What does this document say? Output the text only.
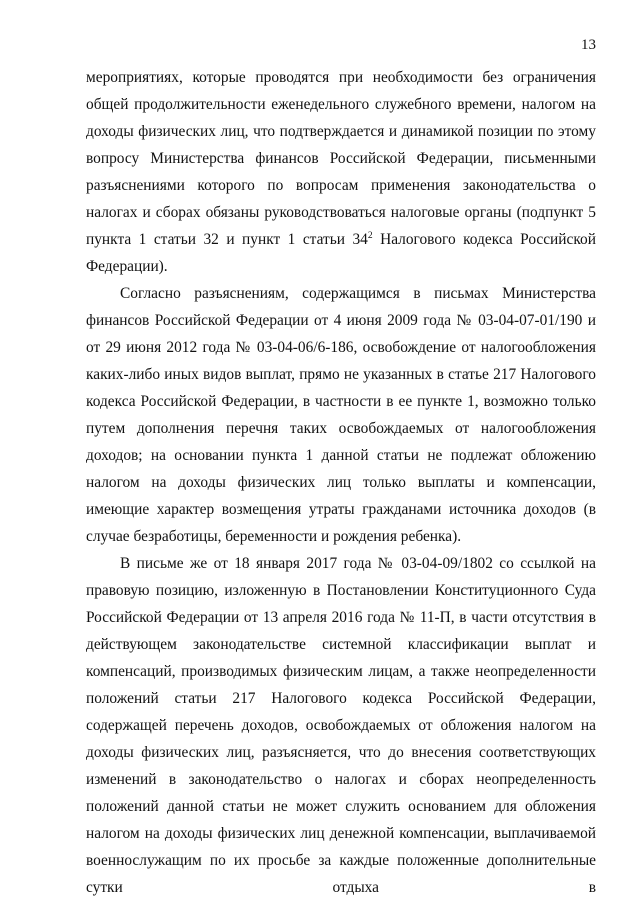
13

мероприятиях, которые проводятся при необходимости без ограничения общей продолжительности еженедельного служебного времени, налогом на доходы физических лиц, что подтверждается и динамикой позиции по этому вопросу Министерства финансов Российской Федерации, письменными разъяснениями которого по вопросам применения законодательства о налогах и сборах обязаны руководствоваться налоговые органы (подпункт 5 пункта 1 статьи 32 и пункт 1 статьи $34^2$ Налогового кодекса Российской Федерации).

Согласно разъяснениям, содержащимся в письмах Министерства финансов Российской Федерации от 4 июня 2009 года № 03-04-07-01/190 и от 29 июня 2012 года № 03-04-06/6-186, освобождение от налогообложения каких-либо иных видов выплат, прямо не указанных в статье 217 Налогового кодекса Российской Федерации, в частности в ее пункте 1, возможно только путем дополнения перечня таких освобождаемых от налогообложения доходов; на основании пункта 1 данной статьи не подлежат обложению налогом на доходы физических лиц только выплаты и компенсации, имеющие характер возмещения утраты гражданами источника доходов (в случае безработицы, беременности и рождения ребенка).

В письме же от 18 января 2017 года № 03-04-09/1802 со ссылкой на правовую позицию, изложенную в Постановлении Конституционного Суда Российской Федерации от 13 апреля 2016 года № 11-П, в части отсутствия в действующем законодательстве системной классификации выплат и компенсаций, производимых физическим лицам, а также неопределенности положений статьи 217 Налогового кодекса Российской Федерации, содержащей перечень доходов, освобождаемых от обложения налогом на доходы физических лиц, разъясняется, что до внесения соответствующих изменений в законодательство о налогах и сборах неопределенность положений данной статьи не может служить основанием для обложения налогом на доходы физических лиц денежной компенсации, выплачиваемой военнослужащим по их просьбе за каждые положенные дополнительные сутки отдыха в
